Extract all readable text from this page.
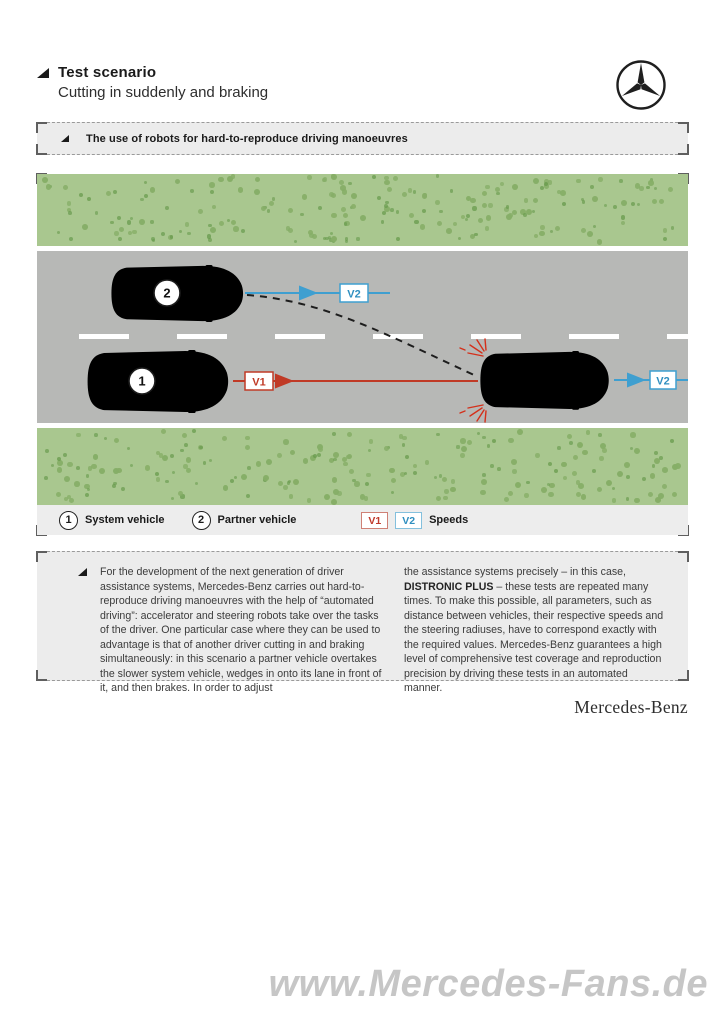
Test scenario
Cutting in suddenly and braking
The use of robots for hard-to-reproduce driving manoeuvres
1	System vehicle	2	Partner vehicle	V1	V2	Speeds
V1
V2
V2
2
1
For the development of the next generation of driver assistance systems, Mercedes-Benz carries out hard-to-reproduce driving manoeuvres with the help of “automated driving”: accelerator and steering robots take over the tasks of the driver. One particular case where they can be used to advantage is that of another driver cutting in and braking simultaneously: in this scenario a partner vehicle overtakes the slower system vehicle, wedges in onto its lane in front of it, and then brakes. In order to adjust
the assistance systems precisely – in this case, DISTRONIC PLUS – these tests are repeated many times. To make this possible, all parameters, such as distance between vehicles, their respective speeds and the steering radiuses, have to correspond exactly with the required values. Mercedes-Benz guarantees a high level of comprehensive test coverage and reproduction precision by driving these tests in an automated manner.
Mercedes-Benz
www.Mercedes-Fans.de
